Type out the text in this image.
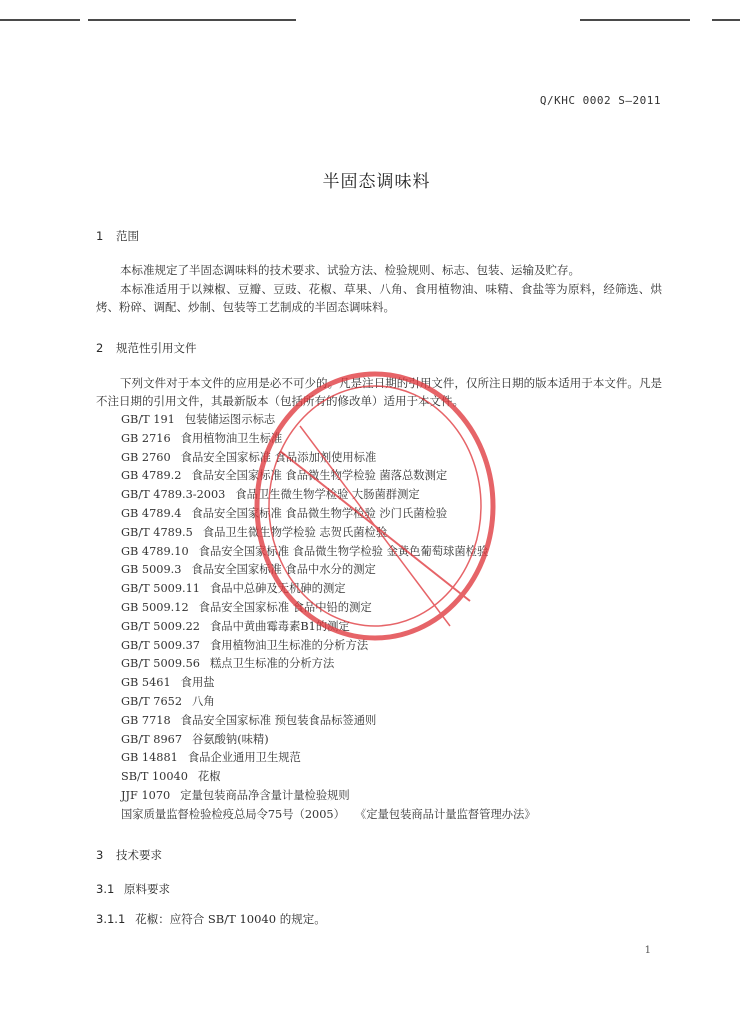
Q/KHC 0002 S—2011
半固态调味料
1 范围
本标准规定了半固态调味料的技术要求、试验方法、检验规则、标志、包装、运输及贮存。
本标准适用于以辣椒、豆瓣、豆豉、花椒、草果、八角、食用植物油、味精、食盐等为原料，经筛选、烘烤、粉碎、调配、炒制、包装等工艺制成的半固态调味料。
2 规范性引用文件
下列文件对于本文件的应用是必不可少的。凡是注日期的引用文件，仅所注日期的版本适用于本文件。凡是不注日期的引用文件，其最新版本（包括所有的修改单）适用于本文件。
GB/T 191 包装储运图示标志
GB 2716 食用植物油卫生标准
GB 2760 食品安全国家标准 食品添加剂使用标准
GB 4789.2 食品安全国家标准 食品微生物学检验 菌落总数测定
GB/T 4789.3-2003 食品卫生微生物学检验 大肠菌群测定
GB 4789.4 食品安全国家标准 食品微生物学检验 沙门氏菌检验
GB/T 4789.5 食品卫生微生物学检验 志贺氏菌检验
GB 4789.10 食品安全国家标准 食品微生物学检验 金黄色葡萄球菌检验
GB 5009.3 食品安全国家标准 食品中水分的测定
GB/T 5009.11 食品中总砷及无机砷的测定
GB 5009.12 食品安全国家标准 食品中铅的测定
GB/T 5009.22 食品中黄曲霉毒素B1的测定
GB/T 5009.37 食用植物油卫生标准的分析方法
GB/T 5009.56 糕点卫生标准的分析方法
GB 5461 食用盐
GB/T 7652 八角
GB 7718 食品安全国家标准 预包装食品标签通则
GB/T 8967 谷氨酸钠(味精)
GB 14881 食品企业通用卫生规范
SB/T 10040 花椒
JJF 1070 定量包装商品净含量计量检验规则
国家质量监督检验检疫总局令75号（2005） 《定量包装商品计量监督管理办法》
3 技术要求
3.1 原料要求
3.1.1 花椒：应符合 SB/T 10040 的规定。
1
